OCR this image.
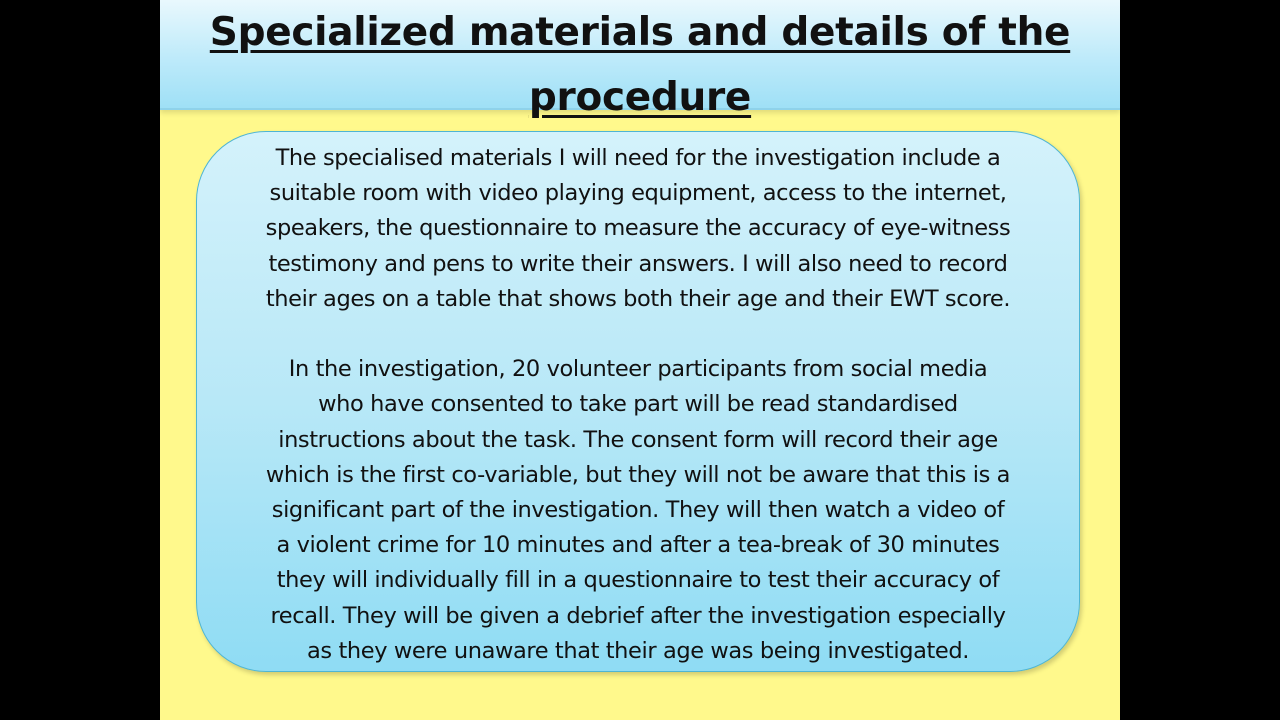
Specialized materials and details of the
procedure

The specialised materials I will need for the investigation include a
suitable room with video playing equipment, access to the internet,
speakers, the questionnaire to measure the accuracy of eye-witness
testimony and pens to write their answers. I will also need to record
their ages on a table that shows both their age and their EWT score.

In the investigation, 20 volunteer participants from social media
who have consented to take part will be read standardised
instructions about the task. The consent form will record their age
which is the first co-variable, but they will not be aware that this is a
significant part of the investigation. They will then watch a video of
a violent crime for 10 minutes and after a tea-break of 30 minutes
they will individually fill in a questionnaire to test their accuracy of
recall. They will be given a debrief after the investigation especially
as they were unaware that their age was being investigated.
